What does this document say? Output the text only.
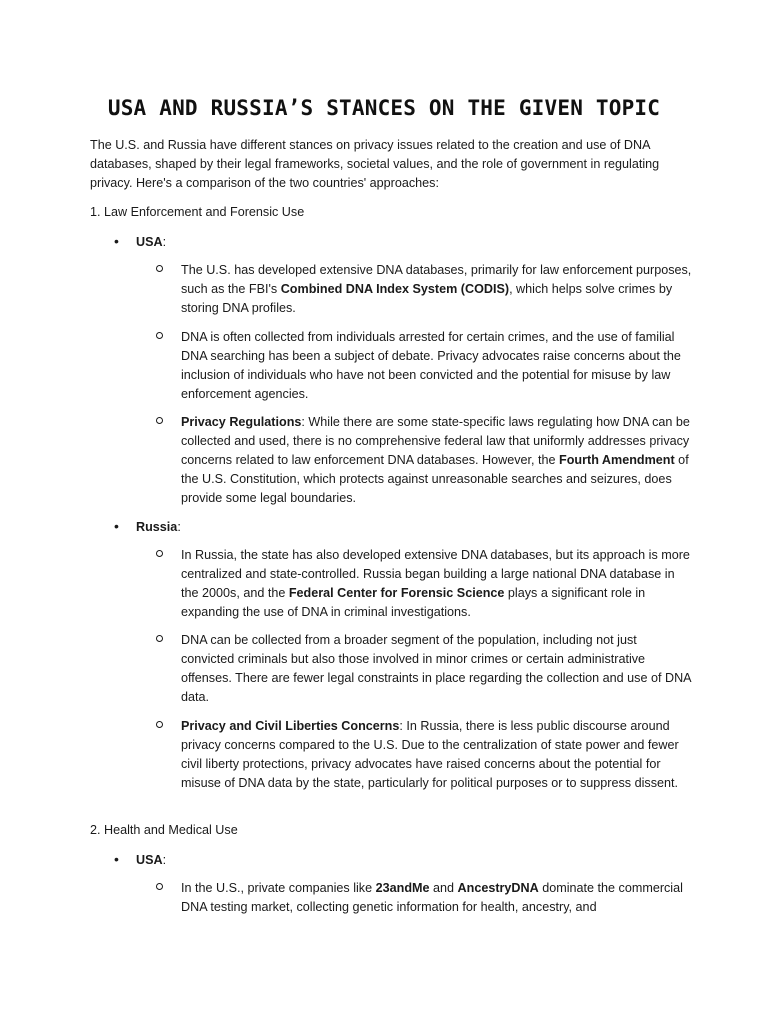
USA AND RUSSIA’S STANCES ON THE GIVEN TOPIC

The U.S. and Russia have different stances on privacy issues related to the creation and use of DNA databases, shaped by their legal frameworks, societal values, and the role of government in regulating privacy. Here's a comparison of the two countries' approaches:

1. Law Enforcement and Forensic Use

• USA:

The U.S. has developed extensive DNA databases, primarily for law enforcement purposes, such as the FBI's Combined DNA Index System (CODIS), which helps solve crimes by storing DNA profiles.
DNA is often collected from individuals arrested for certain crimes, and the use of familial DNA searching has been a subject of debate. Privacy advocates raise concerns about the inclusion of individuals who have not been convicted and the potential for misuse by law enforcement agencies.
Privacy Regulations: While there are some state-specific laws regulating how DNA can be collected and used, there is no comprehensive federal law that uniformly addresses privacy concerns related to law enforcement DNA databases. However, the Fourth Amendment of the U.S. Constitution, which protects against unreasonable searches and seizures, does provide some legal boundaries.

• Russia:

In Russia, the state has also developed extensive DNA databases, but its approach is more centralized and state-controlled. Russia began building a large national DNA database in the 2000s, and the Federal Center for Forensic Science plays a significant role in expanding the use of DNA in criminal investigations.
DNA can be collected from a broader segment of the population, including not just convicted criminals but also those involved in minor crimes or certain administrative offenses. There are fewer legal constraints in place regarding the collection and use of DNA data.
Privacy and Civil Liberties Concerns: In Russia, there is less public discourse around privacy concerns compared to the U.S. Due to the centralization of state power and fewer civil liberty protections, privacy advocates have raised concerns about the potential for misuse of DNA data by the state, particularly for political purposes or to suppress dissent.

2. Health and Medical Use

• USA:

In the U.S., private companies like 23andMe and AncestryDNA dominate the commercial DNA testing market, collecting genetic information for health, ancestry, and
